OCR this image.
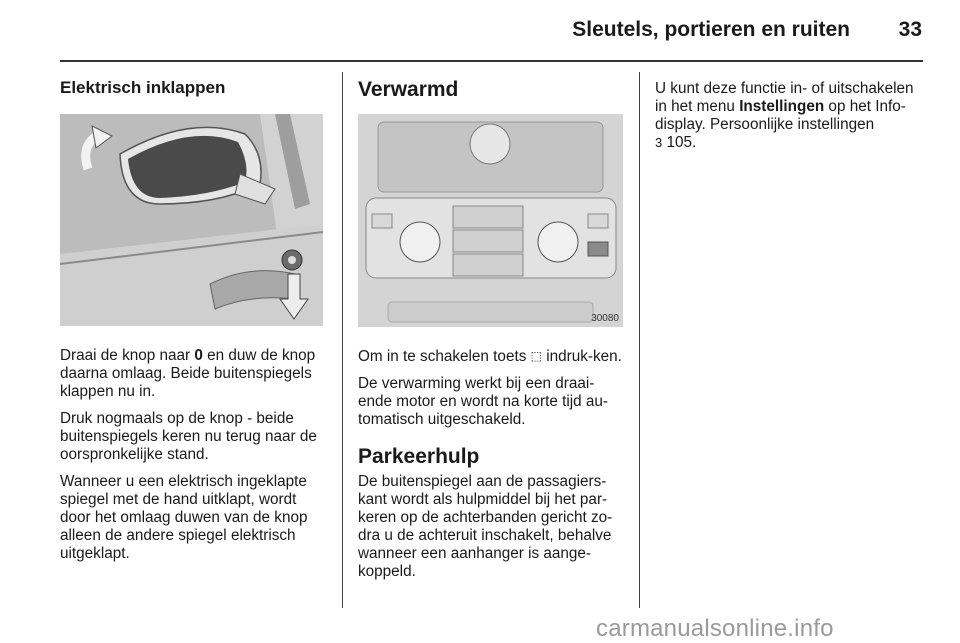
Sleutels, portieren en ruiten	33
Elektrisch inklappen

Draai de knop naar 0 en duw de knop daarna omlaag. Beide buitenspiegels klappen nu in.

Druk nogmaals op de knop - beide buitenspiegels keren nu terug naar de oorspronkelijke stand.

Wanneer u een elektrisch ingeklapte spiegel met de hand uitklapt, wordt door het omlaag duwen van de knop alleen de andere spiegel elektrisch uitgeklapt.

Verwarmd
30080

Om in te schakelen toets ⬚ indruk-ken.

De verwarming werkt bij een draai-ende motor en wordt na korte tijd au-tomatisch uitgeschakeld.

Parkeerhulp

De buitenspiegel aan de passagiers-kant wordt als hulpmiddel bij het par-keren op de achterbanden gericht zo-dra u de achteruit inschakelt, behalve wanneer een aanhanger is aange-koppeld.

U kunt deze functie in- of uitschakelen in het menu Instellingen op het Info-display. Persoonlijke instellingen
3 105.

carmanualsonline.info
